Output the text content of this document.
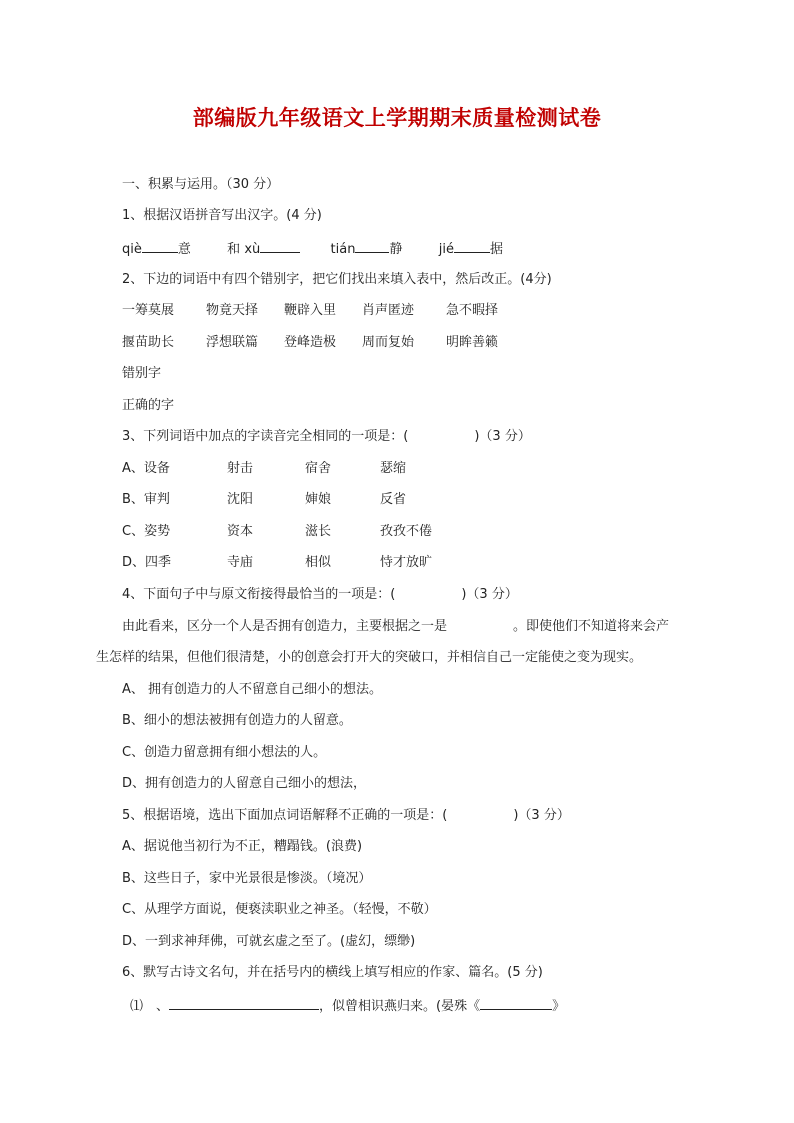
部编版九年级语文上学期期末质量检测试卷
一、积累与运用。（30 分）
1、根据汉语拼音写出汉字。(4 分)
qiè	意	和 xù	tián	静	jié	据
2、下边的词语中有四个错别字，把它们找出来填入表中，然后改正。(4分)
一筹莫展 物竟天择 鞭辟入里 肖声匿迹 急不暇择
揠苗助长 浮想联篇 登峰造极 周而复始 明眸善籁
错别字
正确的字
3、下列词语中加点的字读音完全相同的一项是：(	)（3 分）
A、设备	射击	宿舍	瑟缩
B、审判	沈阳	婶娘	反省
C、姿势	资本	滋长	孜孜不倦
D、四季	寺庙	相似	恃才放旷
4、下面句子中与原文衔接得最恰当的一项是：(	)（3 分）
由此看来，区分一个人是否拥有创造力，主要根据之一是	。即使他们不知道将来会产
生怎样的结果，但他们很清楚，小的创意会打开大的突破口，并相信自己一定能使之变为现实。
A、 拥有创造力的人不留意自己细小的想法。
B、细小的想法被拥有创造力的人留意。
C、创造力留意拥有细小想法的人。
D、拥有创造力的人留意自己细小的想法，
5、根据语境，选出下面加点词语解释不正确的一项是：(	)（3 分）
A、据说他当初行为不正，糟蹋钱。(浪费)
B、这些日子，家中光景很是惨淡。（境况）
C、从理学方面说，便亵渎职业之神圣。（轻慢，不敬）
D、一到求神拜佛，可就玄虚之至了。(虚幻，缥缈)
6、默写古诗文名句，并在括号内的横线上填写相应的作家、篇名。(5 分)
⑴　、	，似曾相识燕归来。(晏殊《	》
